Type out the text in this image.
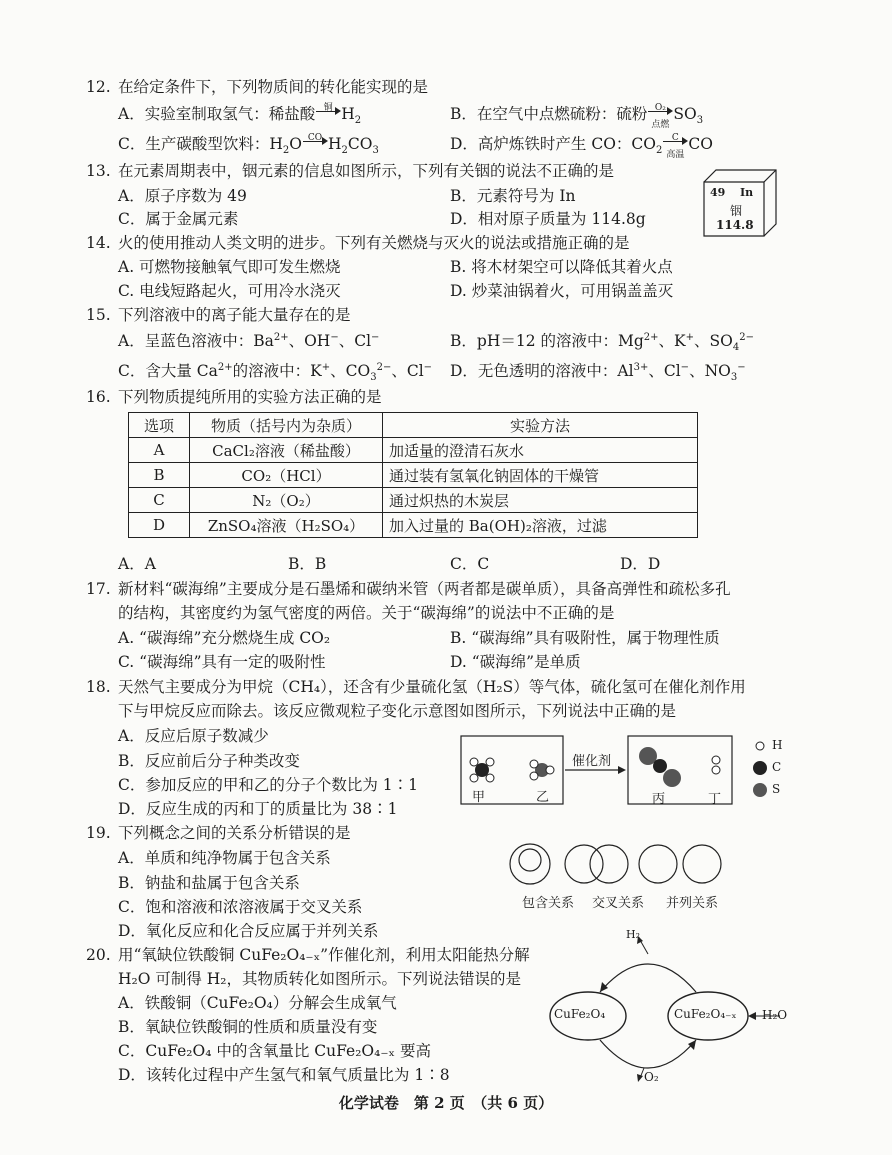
12. 在给定条件下，下列物质间的转化能实现的是
A．实验室制取氢气：稀盐酸 铜 $H_2$	B．在空气中点燃硫粉：硫粉 O₂
点燃
$SO_3$
C．生产碳酸型饮料：$H_2O$ CO $H_2CO_3$	D．高炉炼铁时产生 CO：$CO_2$
C
高温
CO
13. 在元素周期表中，铟元素的信息如图所示，下列有关铟的说法不正确的是
A．原子序数为 49	B．元素符号为 In
C．属于金属元素	D．相对原子质量为 114.8g
49 In
铟
114.8
14. 火的使用推动人类文明的进步。下列有关燃烧与灭火的说法或措施正确的是
A. 可燃物接触氧气即可发生燃烧	B. 将木材架空可以降低其着火点
C. 电线短路起火，可用冷水浇灭	D. 炒菜油锅着火，可用锅盖盖灭
15. 下列溶液中的离子能大量存在的是
A．呈蓝色溶液中：$Ba^{2+}$、OH−、Cl−	B．pH＝12 的溶液中：$Mg^{2+}$、K+、$SO_4^{2-}$
C．含大量 $Ca^{2+}$的溶液中：K+、$CO_3^{2-}$、Cl− D．无色透明的溶液中：$Al^{3+}$、Cl−、$NO_3^-$
16. 下列物质提纯所用的实验方法正确的是
选项	物质（括号内为杂质）	实验方法
A	CaCl₂溶液（稀盐酸）	加适量的澄清石灰水
B	CO₂（HCl）	通过装有氢氧化钠固体的干燥管
C	N₂（O₂）	通过炽热的木炭层
D	ZnSO₄溶液（H₂SO₄）	加入过量的 Ba(OH)₂溶液，过滤
A．A	B．B	C．C	D．D
17. 新材料“碳海绵”主要成分是石墨烯和碳纳米管（两者都是碳单质），具备高弹性和疏松多孔
的结构，其密度约为氢气密度的两倍。关于“碳海绵”的说法中不正确的是
A. “碳海绵”充分燃烧生成 CO₂	B. “碳海绵”具有吸附性，属于物理性质
C. “碳海绵”具有一定的吸附性	D. “碳海绵”是单质
18. 天然气主要成分为甲烷（CH₄），还含有少量硫化氢（H₂S）等气体，硫化氢可在催化剂作用
下与甲烷反应而除去。该反应微观粒子变化示意图如图所示，下列说法中正确的是
A．反应后原子数减少
B．反应前后分子种类改变
C．参加反应的甲和乙的分子个数比为 1∶1
D．反应生成的丙和丁的质量比为 38∶1
甲	乙
催化剂
丙	丁
H
C
S
19. 下列概念之间的关系分析错误的是
A．单质和纯净物属于包含关系
B．钠盐和盐属于包含关系
C．饱和溶液和浓溶液属于交叉关系
D．氧化反应和化合反应属于并列关系
包含关系 交叉关系 并列关系
20. 用“氧缺位铁酸铜 CuFe₂O₄₋ₓ”作催化剂，利用太阳能热分解
H₂O 可制得 H₂，其物质转化如图所示。下列说法错误的是
A．铁酸铜（CuFe₂O₄）分解会生成氧气
B．氧缺位铁酸铜的性质和质量没有变
C．CuFe₂O₄ 中的含氧量比 CuFe₂O₄₋ₓ 要高
D．该转化过程中产生氢气和氧气质量比为 1∶8
CuFe₂O₄	CuFe₂O₄₋ₓ
H₂
O₂
H₂O
化学试卷　第 2 页　（共 6 页）
